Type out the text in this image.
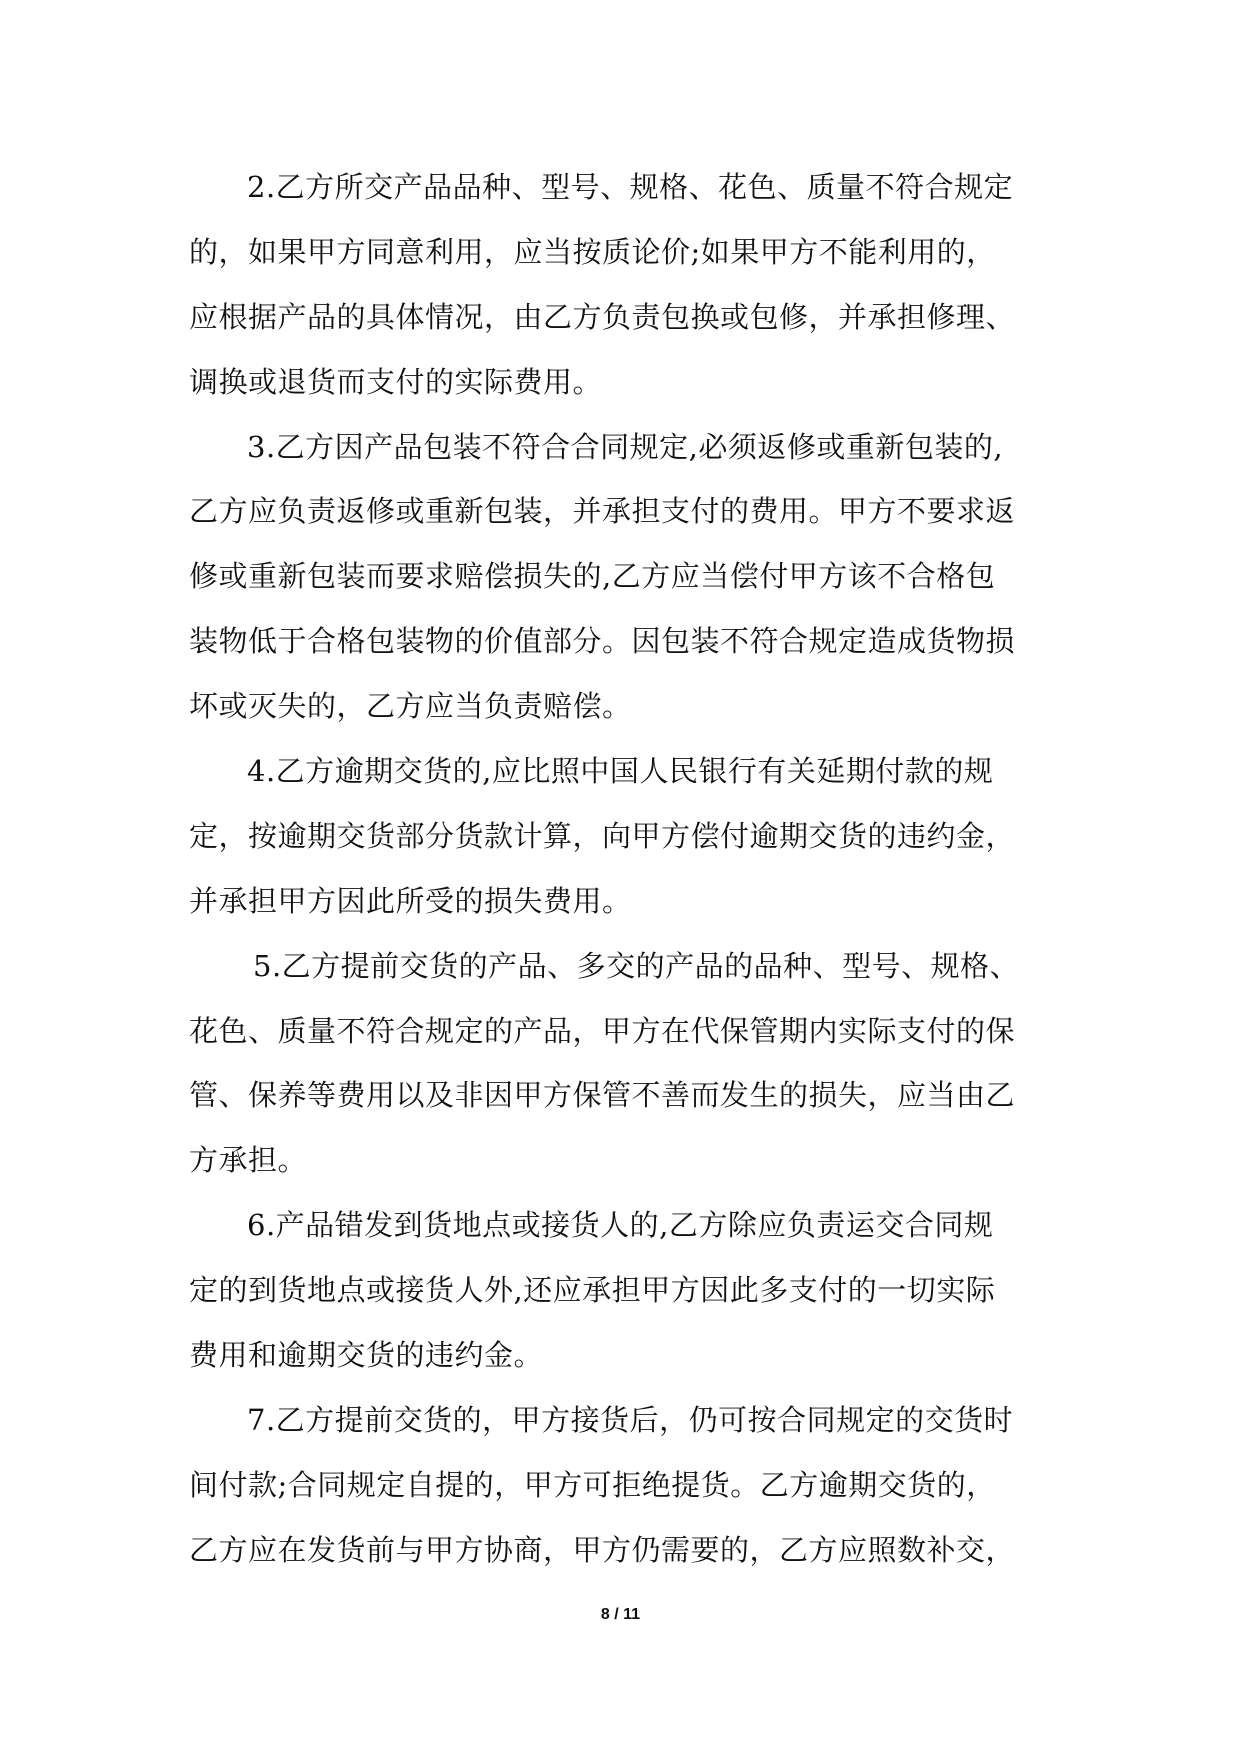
2.乙方所交产品品种、型号、规格、花色、质量不符合规定

的，如果甲方同意利用，应当按质论价;如果甲方不能利用的，

应根据产品的具体情况，由乙方负责包换或包修，并承担修理、

调换或退货而支付的实际费用。

3.乙方因产品包装不符合合同规定,必须返修或重新包装的,

乙方应负责返修或重新包装，并承担支付的费用。甲方不要求返

修或重新包装而要求赔偿损失的,乙方应当偿付甲方该不合格包

装物低于合格包装物的价值部分。因包装不符合规定造成货物损

坏或灭失的，乙方应当负责赔偿。

4.乙方逾期交货的,应比照中国人民银行有关延期付款的规

定，按逾期交货部分货款计算，向甲方偿付逾期交货的违约金，

并承担甲方因此所受的损失费用。

5.乙方提前交货的产品、多交的产品的品种、型号、规格、

花色、质量不符合规定的产品，甲方在代保管期内实际支付的保

管、保养等费用以及非因甲方保管不善而发生的损失，应当由乙

方承担。

6.产品错发到货地点或接货人的,乙方除应负责运交合同规

定的到货地点或接货人外,还应承担甲方因此多支付的一切实际

费用和逾期交货的违约金。

7.乙方提前交货的，甲方接货后，仍可按合同规定的交货时

间付款;合同规定自提的，甲方可拒绝提货。乙方逾期交货的，

乙方应在发货前与甲方协商，甲方仍需要的，乙方应照数补交，

8 / 11
